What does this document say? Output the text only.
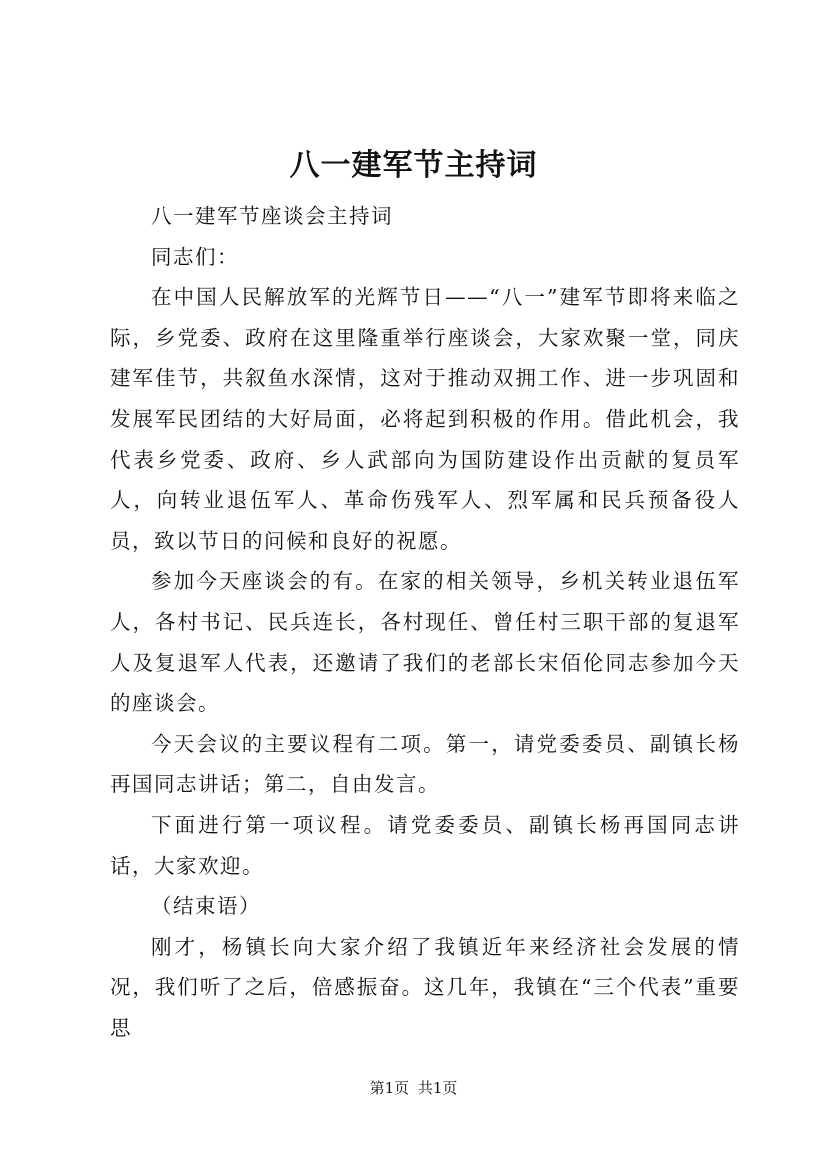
八一建军节主持词

八一建军节座谈会主持词

同志们：

在中国人民解放军的光辉节日——“八一”建军节即将来临之际，乡党委、政府在这里隆重举行座谈会，大家欢聚一堂，同庆建军佳节，共叙鱼水深情，这对于推动双拥工作、进一步巩固和发展军民团结的大好局面，必将起到积极的作用。借此机会，我代表乡党委、政府、乡人武部向为国防建设作出贡献的复员军人，向转业退伍军人、革命伤残军人、烈军属和民兵预备役人员，致以节日的问候和良好的祝愿。

参加今天座谈会的有。在家的相关领导，乡机关转业退伍军人，各村书记、民兵连长，各村现任、曾任村三职干部的复退军人及复退军人代表，还邀请了我们的老部长宋佰伦同志参加今天的座谈会。

今天会议的主要议程有二项。第一，请党委委员、副镇长杨再国同志讲话；第二，自由发言。

下面进行第一项议程。请党委委员、副镇长杨再国同志讲话，大家欢迎。

（结束语）

刚才，杨镇长向大家介绍了我镇近年来经济社会发展的情况，我们听了之后，倍感振奋。这几年，我镇在“三个代表”重要思

第1页 共1页
